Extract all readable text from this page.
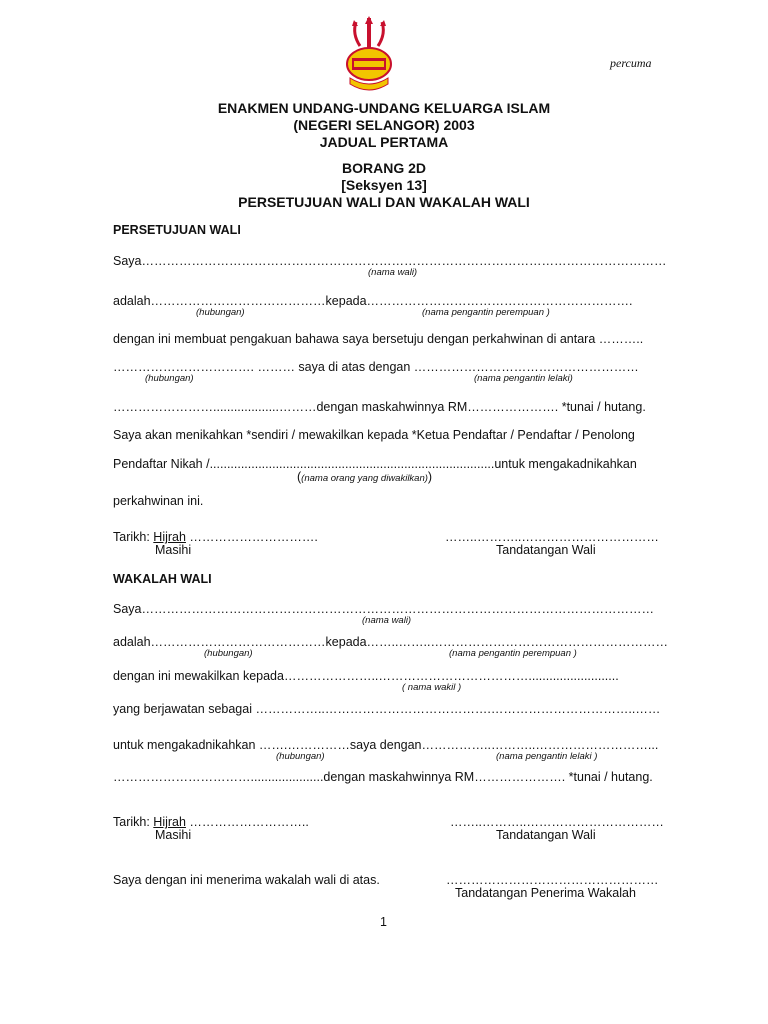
percuma
ENAKMEN UNDANG-UNDANG KELUARGA ISLAM
(NEGERI SELANGOR) 2003
JADUAL PERTAMA
BORANG 2D
[Seksyen 13]
PERSETUJUAN WALI DAN WAKALAH WALI
PERSETUJUAN WALI
Saya………………………………………………………………………………………………………………
(nama wali)
adalah……………………………………kepada……………………………………………………….
(hubungan)	(nama pengantin perempuan )
dengan ini membuat pengakuan bahawa saya bersetuju dengan perkahwinan di antara ………..
……………………………. ……… saya di atas dengan ………………………………………………
(hubungan)	(nama pengantin lelaki)
……………………...................………dengan maskahwinnya RM…………………. *tunai / hutang.
Saya akan menikahkan *sendiri / mewakilkan kepada *Ketua Pendaftar / Pendaftar / Penolong
Pendaftar Nikah /..................................................................................untuk mengakadnikahkan
((nama orang yang diwakilkan))
perkahwinan ini.
Tarikh: Hijrah ………………………….
Masihi
……..………..……………………………
Tandatangan Wali
WAKALAH WALI
Saya……………………………………………………………………………………………………………
(nama wali)
adalah……………………………………kepada……..……..…………………………………………………
(hubungan)	(nama pengantin perempuan )
dengan ini mewakilkan kepada…………………..………………………………..........................
( nama wakil )
yang berjawatan sebagai ……………..………………………………….……………………………..……
untuk mengakadnikahkan …….……………saya dengan……………..………..………………………...
(hubungan)	(nama pengantin lelaki )
…………………………….....................dengan maskahwinnya RM…………………. *tunai / hutang.
Tarikh: Hijrah ………………………..
Masihi
……..………..……………………………
Tandatangan Wali
Saya dengan ini menerima wakalah wali di atas.	……………………………………………
Tandatangan Penerima Wakalah
1
